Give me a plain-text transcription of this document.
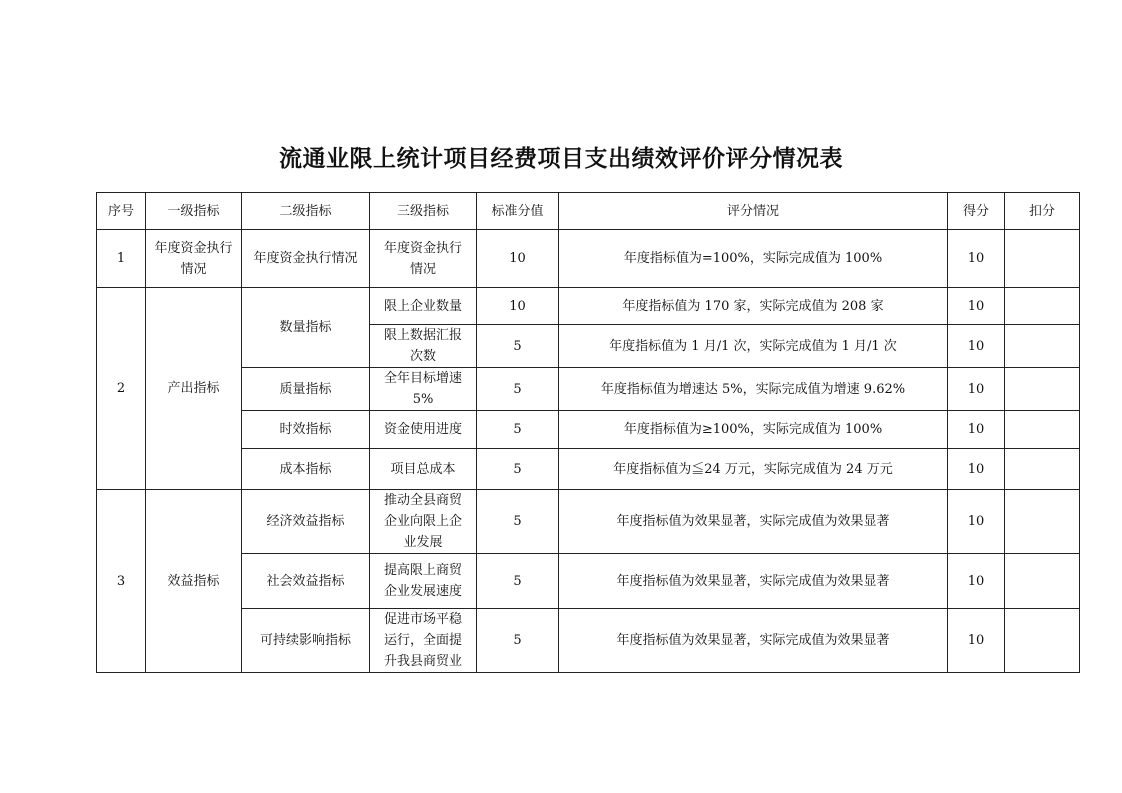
流通业限上统计项目经费项目支出绩效评价评分情况表
序号	一级指标	二级指标	三级指标	标准分值	评分情况	得分	扣分
1	年度资金执行情况	年度资金执行情况	年度资金执行情况	10	年度指标值为=100%，实际完成值为 100%	10	
2	产出指标	数量指标	限上企业数量	10	年度指标值为 170 家，实际完成值为 208 家	10	
			限上数据汇报次数	5	年度指标值为 1 月/1 次，实际完成值为 1 月/1 次	10	
		质量指标	全年目标增速 5%	5	年度指标值为增速达 5%，实际完成值为增速 9.62%	10	
		时效指标	资金使用进度	5	年度指标值为≥100%，实际完成值为 100%	10	
		成本指标	项目总成本	5	年度指标值为≦24 万元，实际完成值为 24 万元	10	
3	效益指标	经济效益指标	推动全县商贸企业向限上企业发展	5	年度指标值为效果显著，实际完成值为效果显著	10	
		社会效益指标	提高限上商贸企业发展速度	5	年度指标值为效果显著，实际完成值为效果显著	10	
		可持续影响指标	促进市场平稳运行，全面提升我县商贸业	5	年度指标值为效果显著，实际完成值为效果显著	10	
